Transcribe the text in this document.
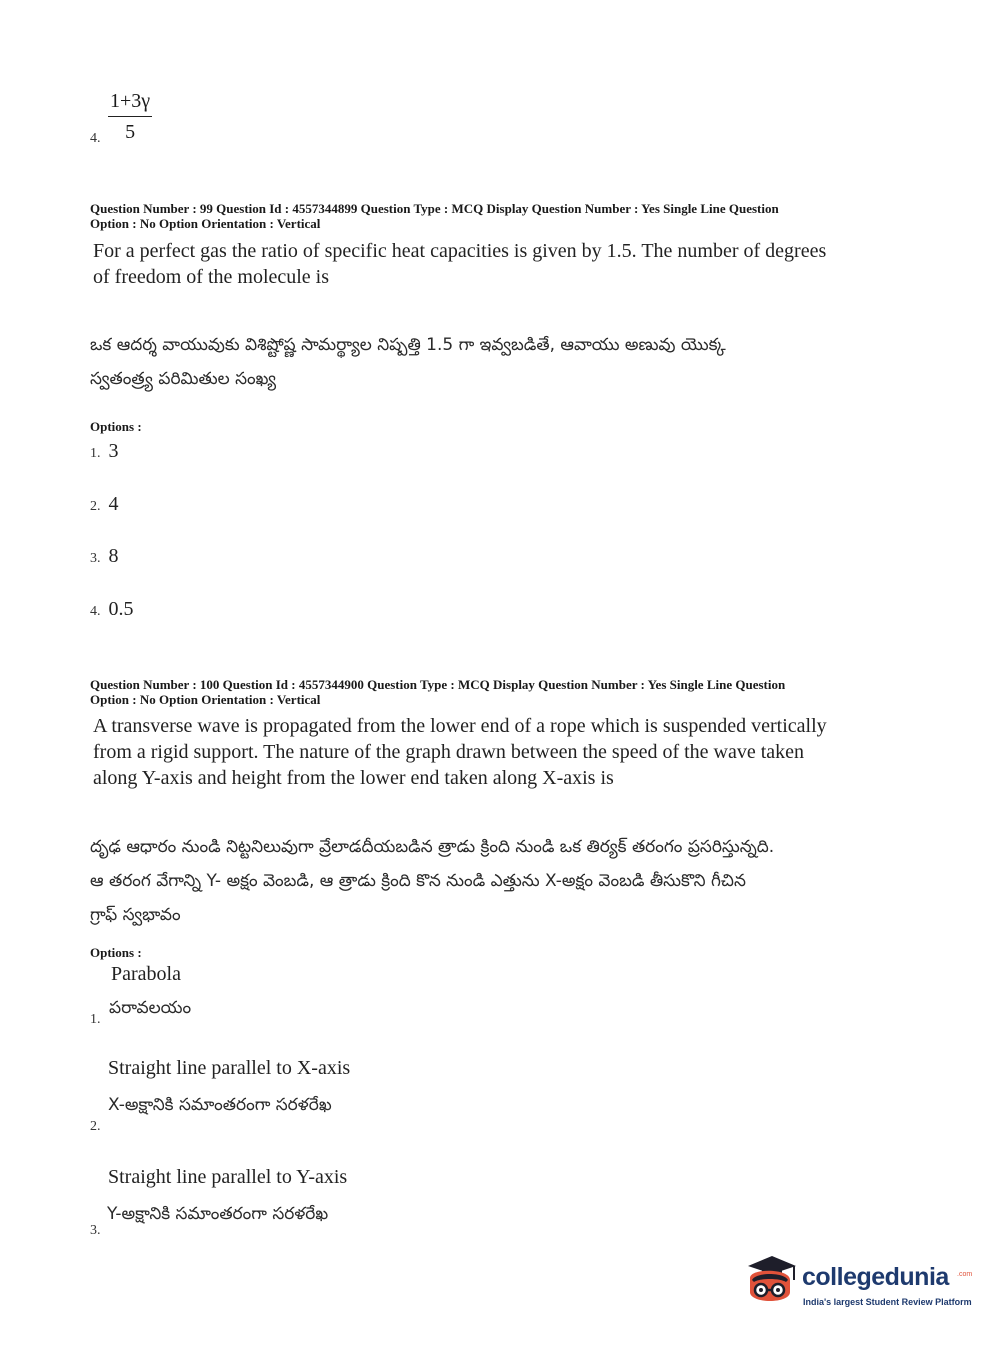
$\frac{1+3\gamma}{5}$
4.
Question Number : 99 Question Id : 4557344899 Question Type : MCQ Display Question Number : Yes Single Line Question
Option : No Option Orientation : Vertical
For a perfect gas the ratio of specific heat capacities is given by 1.5. The number of degrees
of freedom of the molecule is
ఒక ఆదర్శ వాయువుకు విశిష్టోష్ణ సామర్థ్యాల నిష్పత్తి 1.5 గా ఇవ్వబడితే, ఆవాయు అణువు యొక్క
స్వతంత్ర్య పరిమితుల సంఖ్య
Options :
1. 3
2. 4
3. 8
4. 0.5
Question Number : 100 Question Id : 4557344900 Question Type : MCQ Display Question Number : Yes Single Line Question
Option : No Option Orientation : Vertical
A transverse wave is propagated from the lower end of a rope which is suspended vertically
from a rigid support. The nature of the graph drawn between the speed of the wave taken
along Y-axis and height from the lower end taken along X-axis is
దృఢ ఆధారం నుండి నిట్టనిలువుగా వ్రేలాడదీయబడిన త్రాడు క్రింది నుండి ఒక తిర్యక్ తరంగం ప్రసరిస్తున్నది.
ఆ తరంగ వేగాన్ని Y- అక్షం వెంబడి, ఆ త్రాడు క్రింది కొన నుండి ఎత్తును X-అక్షం వెంబడి తీసుకొని గీచిన
గ్రాఫ్ స్వభావం
Options :
Parabola
పరావలయం
1.
Straight line parallel to X-axis
X-అక్షానికి సమాంతరంగా సరళరేఖ
2.
Straight line parallel to Y-axis
Y-అక్షానికి సమాంతరంగా సరళరేఖ
3.
collegedunia .com
India's largest Student Review Platform
